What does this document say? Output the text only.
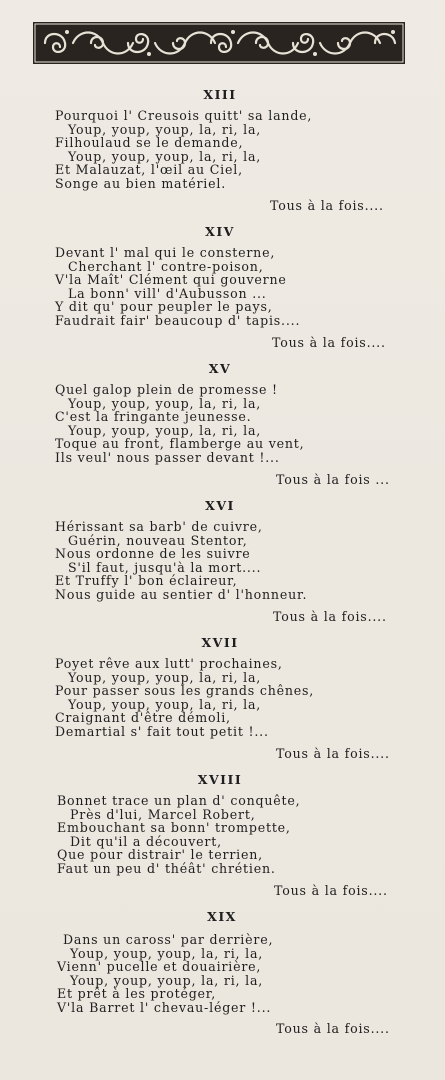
XIII
Pourquoi l' Creusois quitt' sa lande,
Youp, youp, youp, la, ri, la,
Filhoulaud se le demande,
Youp, youp, youp, la, ri, la,
Et Malauzat, l'œil au Ciel,
Songe au bien matériel.
Tous à la fois....
XIV
Devant l' mal qui le consterne,
Cherchant l' contre-poison,
V'la Maît' Clément qui gouverne
La bonn' vill' d'Aubusson ...
Y dit qu' pour peupler le pays,
Faudrait fair' beaucoup d' tapis....
Tous à la fois....
XV
Quel galop plein de promesse !
Youp, youp, youp, la, ri, la,
C'est la fringante jeunesse.
Youp, youp, youp, la, ri, la,
Toque au front, flamberge au vent,
Ils veul' nous passer devant !...
Tous à la fois ...
XVI
Hérissant sa barb' de cuivre,
Guérin, nouveau Stentor,
Nous ordonne de les suivre
S'il faut, jusqu'à la mort....
Et Truffy l' bon éclaireur,
Nous guide au sentier d' l'honneur.
Tous à la fois....
XVII
Poyet rêve aux lutt' prochaines,
Youp, youp, youp, la, ri, la,
Pour passer sous les grands chênes,
Youp, youp, youp, la, ri, la,
Craignant d'être démoli,
Demartial s' fait tout petit !...
Tous à la fois....
XVIII
Bonnet trace un plan d' conquête,
Près d'lui, Marcel Robert,
Embouchant sa bonn' trompette,
Dit qu'il a découvert,
Que pour distrair' le terrien,
Faut un peu d' théât' chrétien.
Tous à la fois....
XIX
Dans un caross' par derrière,
Youp, youp, youp, la, ri, la,
Vienn' pucelle et douairière,
Youp, youp, youp, la, ri, la,
Et prêt à les protéger,
V'la Barret l' chevau-léger !...
Tous à la fois....
